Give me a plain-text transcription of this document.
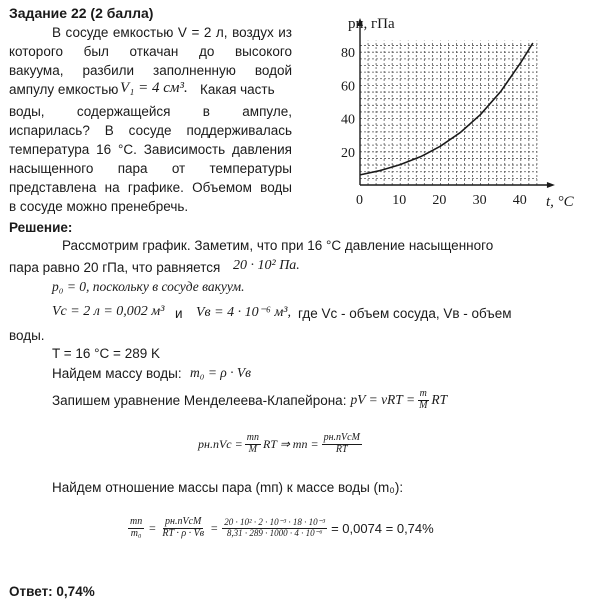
Задание 22 (2 балла)
В сосуде емкостью V = 2 л, воздух из
которого был откачан до высокого
вакуума, разбили заполненную водой
ампулу емкостью V₁ = 4 см³. Какая часть
воды, содержащейся в ампуле,
испарилась? В сосуде поддерживалась
температура 16 °C. Зависимость давления
насыщенного пара от температуры
представлена на графике. Объемом воды
в сосуде можно пренебречь.	0 10 20 30 40
20
40
60
80
pн, гПа
t, °C
Решение:
Рассмотрим график. Заметим, что при 16 °C давление насыщенного
пара равно 20 гПа, что равняется 20 · 10² Па.
p₀ = 0, поскольку в сосуде вакуум.
Vс = 2 л = 0,002 м³ и Vв = 4 · 10⁻⁶ м³, где Vс - объем сосуда, Vв - объем
воды.
T = 16 °C = 289 K
Найдем массу воды: m₀ = ρ · Vв
Запишем уравнение Менделеева-Клапейрона: pV = $\nu RT = \frac{m}{M}$ RT
$pн.пVс = \frac{mп}{M}$ RT ⇒ mп = $\frac{\text{pн.пVсM}}{RT}$
Найдем отношение массы пара (mп) к массе воды (m₀):
$\frac{mп}{\text{m₀}} = \frac{\text{pн.пVсM}}{RT \cdot \rho \cdot Vв} = \frac{\text{20 · 10² · 2 · 10⁻³ · 18 · 10⁻³}}{\text{8,31 · 289 · 1000 · 4 · 10⁻⁶}} = 0,0074 = 0,74\%$
Ответ: 0,74%
